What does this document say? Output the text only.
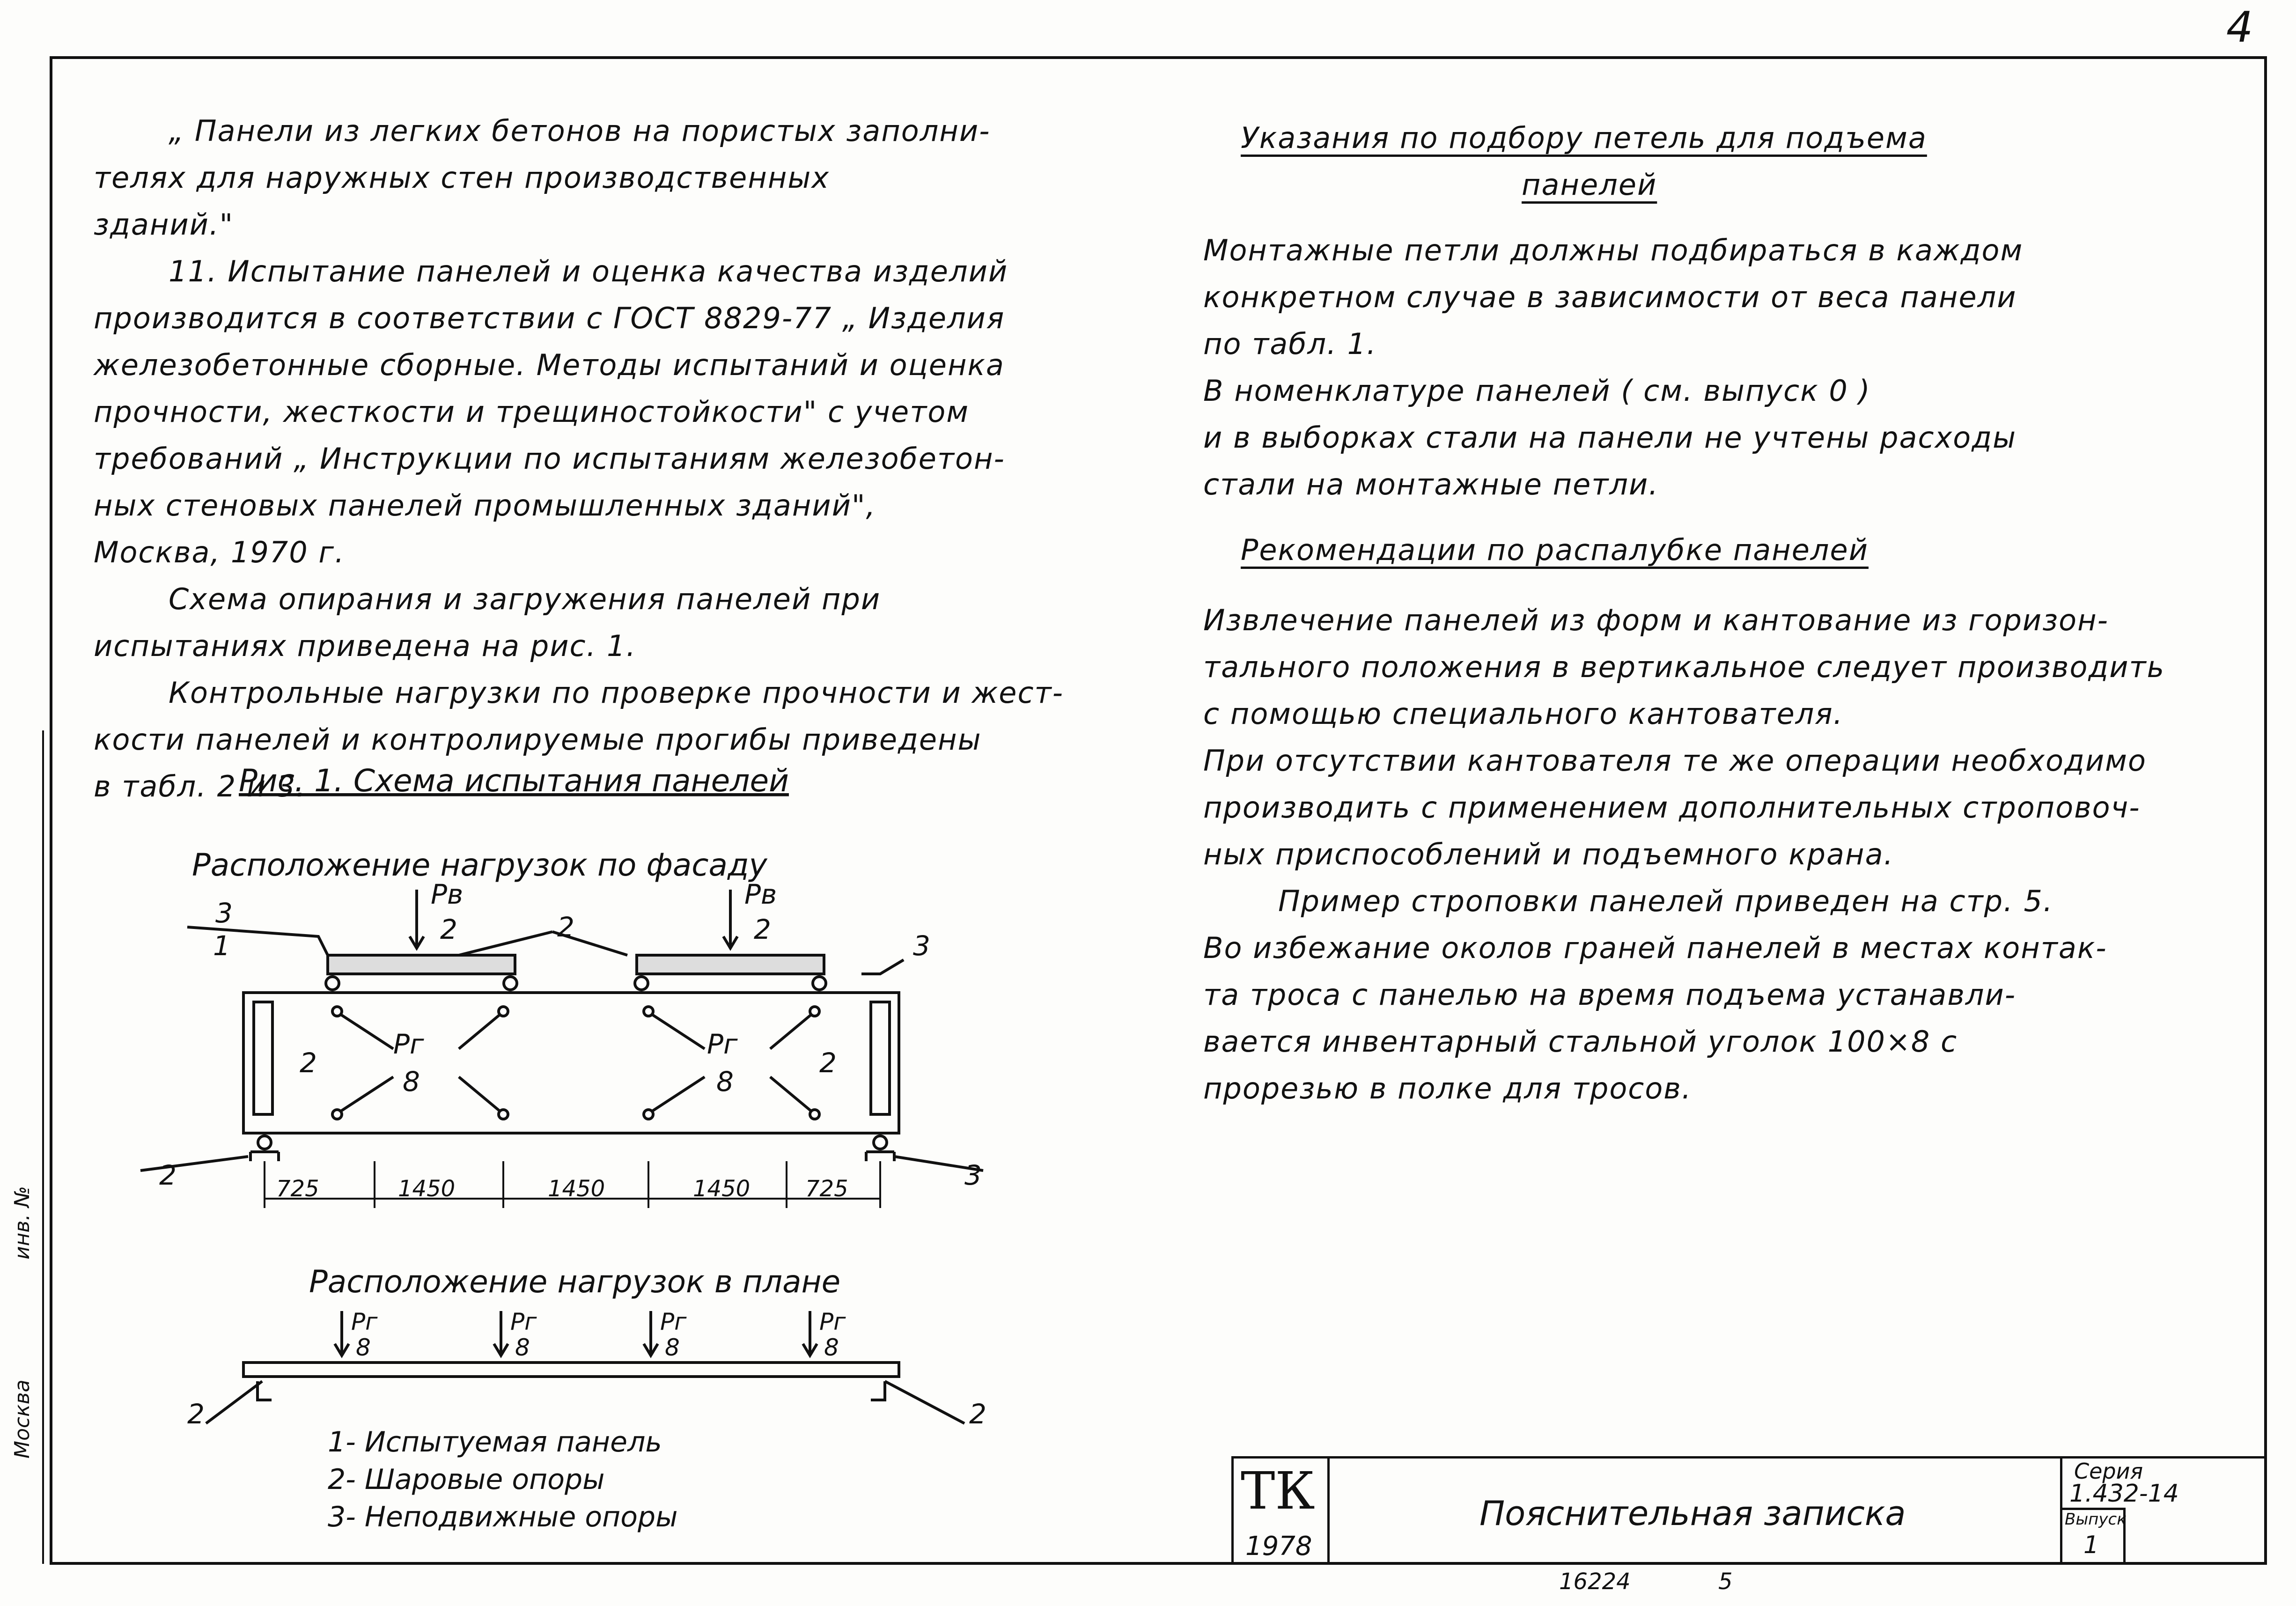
4
Москва
инв. №
„ Панели из легких бетонов на пористых заполни-
телях для наружных стен производственных
зданий."
11. Испытание панелей и оценка качества изделий
производится в соответствии с ГОСТ 8829-77 „ Изделия
железобетонные сборные. Методы испытаний и оценка
прочности, жесткости и трещиностойкости" с учетом
требований „ Инструкции по испытаниям железобетон-
ных стеновых панелей промышленных зданий",
Москва, 1970 г.
Схема опирания и загружения панелей при
испытаниях приведена на рис. 1.
Контрольные нагрузки по проверке прочности и жест-
кости панелей и контролируемые прогибы приведены
в табл. 2 и 3.
Рис. 1. Схема испытания панелей
Расположение нагрузок по фасаду
Расположение нагрузок в плане
Pв
2
Pв
2
Pг
8
Pг
8
3
1
2
3
2	2
2	3
2	2
725	1450	1450	1450 725
Pг	Pг	Pг	Pг
8	8	8	8
1- Испытуемая панель
2- Шаровые опоры
3- Неподвижные опоры
Указания по подбору петель для подъема
панелей
Монтажные петли должны подбираться в каждом
конкретном случае в зависимости от веса панели
по табл. 1.
В номенклатуре панелей ( см. выпуск 0 )
и в выборках стали на панели не учтены расходы
стали на монтажные петли.
Рекомендации по распалубке панелей
Извлечение панелей из форм и кантование из горизон-
тального положения в вертикальное следует производить
с помощью специального кантователя.
При отсутствии кантователя те же операции необходимо
производить с применением дополнительных строповоч-
ных приспособлений и подъемного крана.
Пример строповки панелей приведен на стр. 5.
Во избежание околов граней панелей в местах контак-
та троса с панелью на время подъема устанавли-
вается инвентарный стальной уголок 100×8 с
прорезью в полке для тросов.
ТК
1978
Пояснительная записка
Серия
1.432-14
Выпуск
1
16224	5
